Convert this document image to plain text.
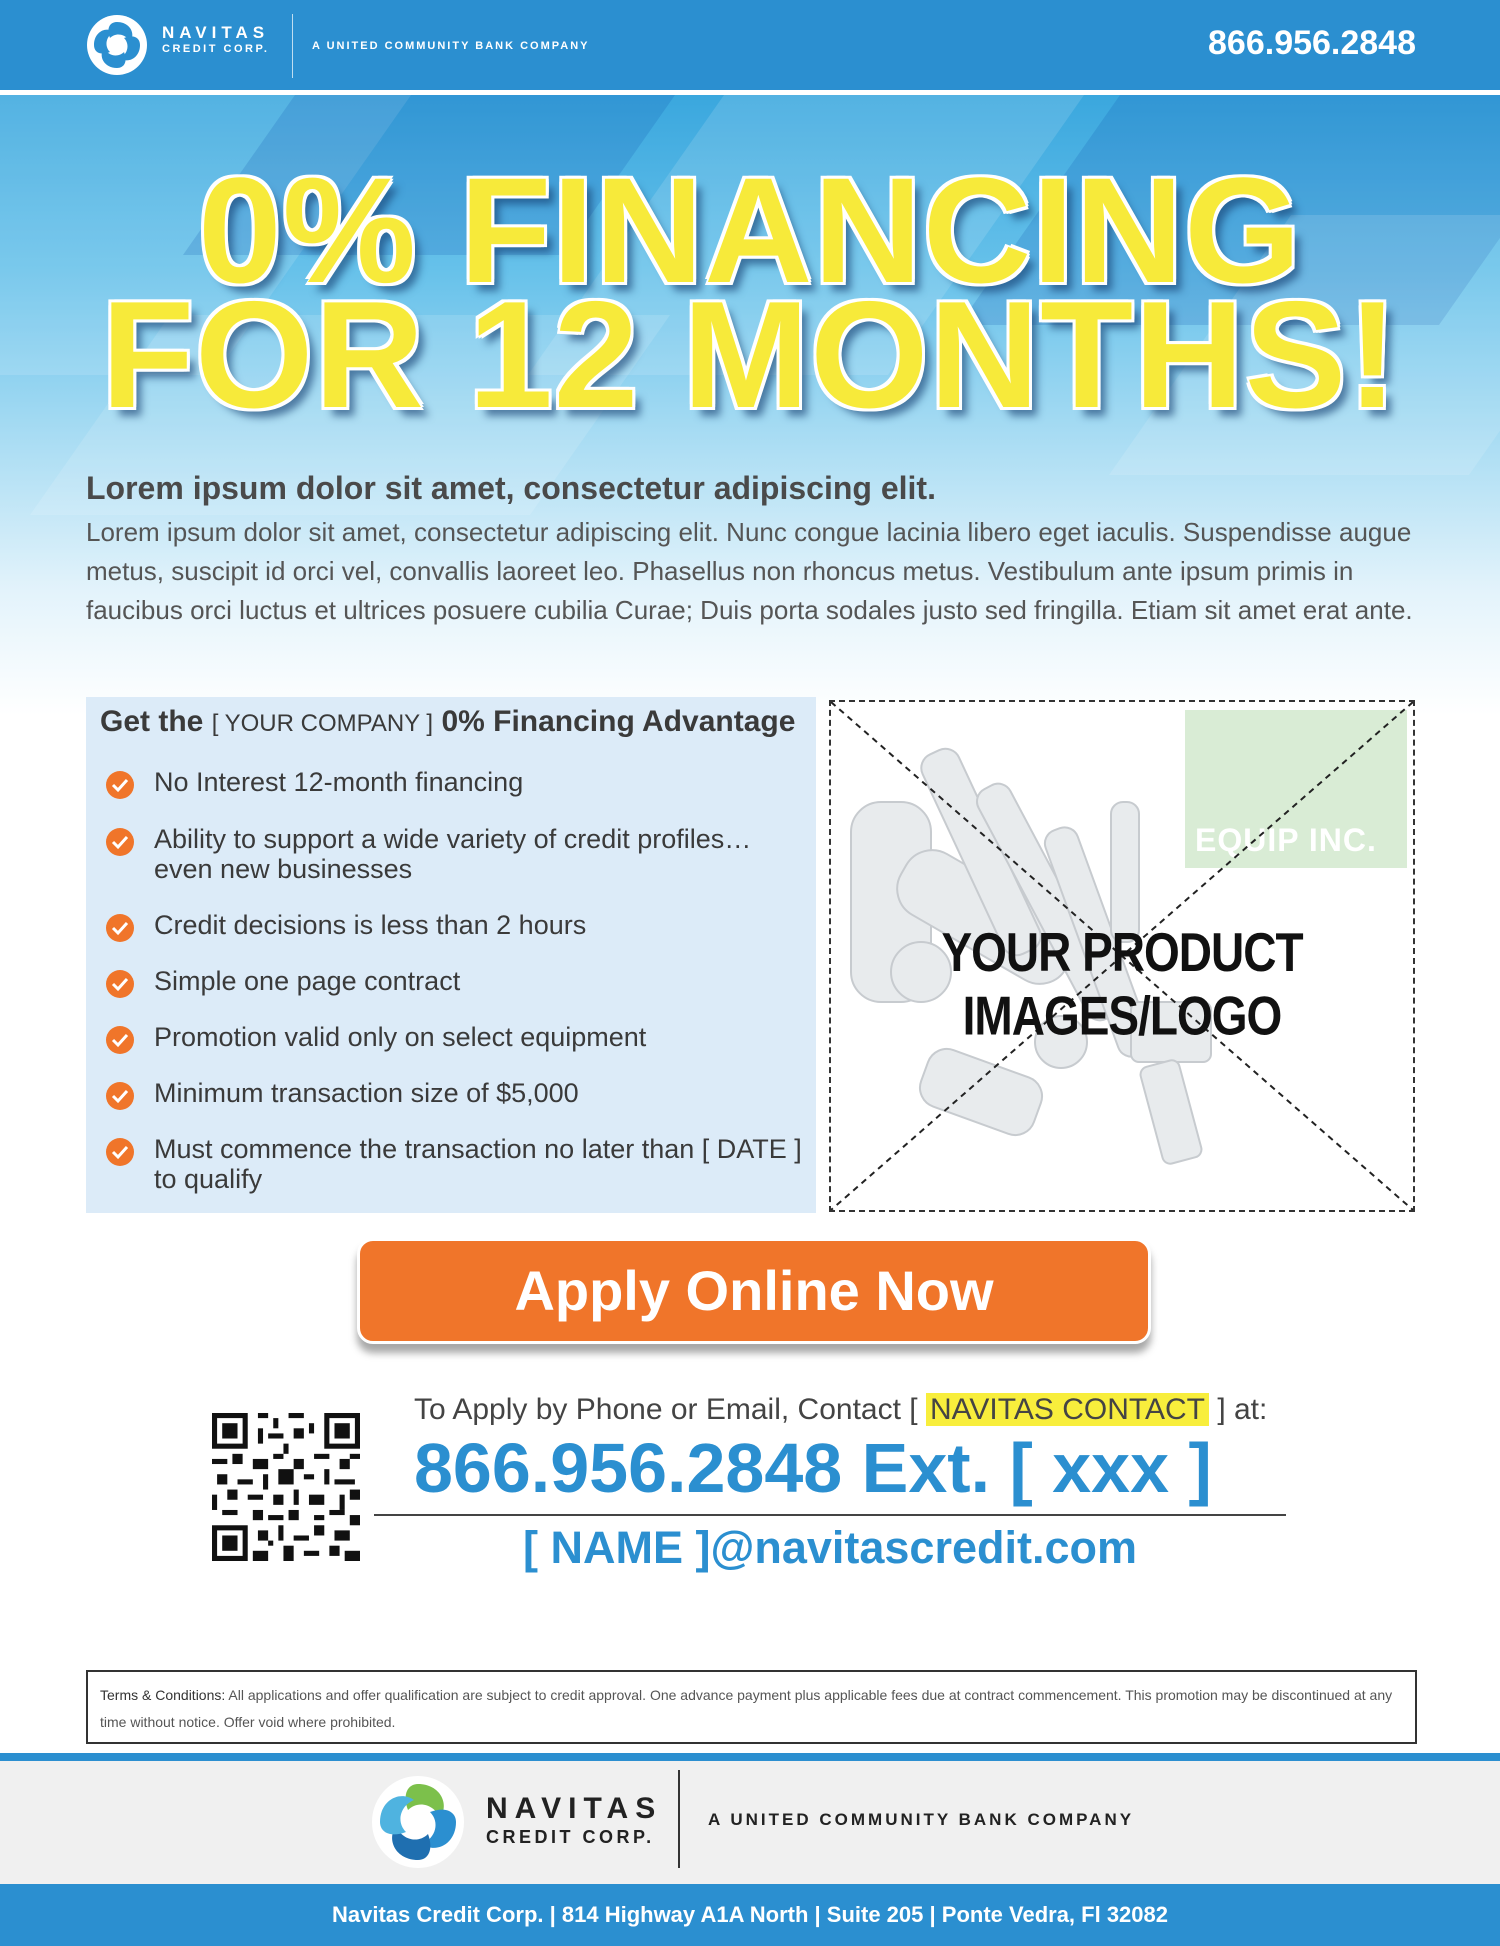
NAVITAS
CREDIT CORP.	A UNITED COMMUNITY BANK COMPANY	866.956.2848
0% FINANCING
FOR 12 MONTHS!
Lorem ipsum dolor sit amet, consectetur adipiscing elit.
Lorem ipsum dolor sit amet, consectetur adipiscing elit. Nunc congue lacinia libero eget iaculis. Suspendisse augue metus, suscipit id orci vel, convallis laoreet leo. Phasellus non rhoncus metus. Vestibulum ante ipsum primis in faucibus orci luctus et ultrices posuere cubilia Curae; Duis porta sodales justo sed fringilla. Etiam sit amet erat ante.
Get the [ YOUR COMPANY ] 0% Financing Advantage
No Interest 12-month financing
Ability to support a wide variety of credit profiles… even new businesses
Credit decisions is less than 2 hours
Simple one page contract
Promotion valid only on select equipment
Minimum transaction size of $5,000
Must commence the transaction no later than [ DATE ] to qualify
EQUIP INC.
YOUR PRODUCT IMAGES/LOGO
Apply Online Now
To Apply by Phone or Email, Contact [ NAVITAS CONTACT ] at:
866.956.2848 Ext. [ xxx ]
[ NAME ]@navitascredit.com
Terms & Conditions: All applications and offer qualification are subject to credit approval. One advance payment plus applicable fees due at contract commencement. This promotion may be discontinued at any time without notice. Offer void where prohibited.
NAVITAS
CREDIT CORP.
A UNITED COMMUNITY BANK COMPANY
Navitas Credit Corp. | 814 Highway A1A North | Suite 205 | Ponte Vedra, Fl 32082
